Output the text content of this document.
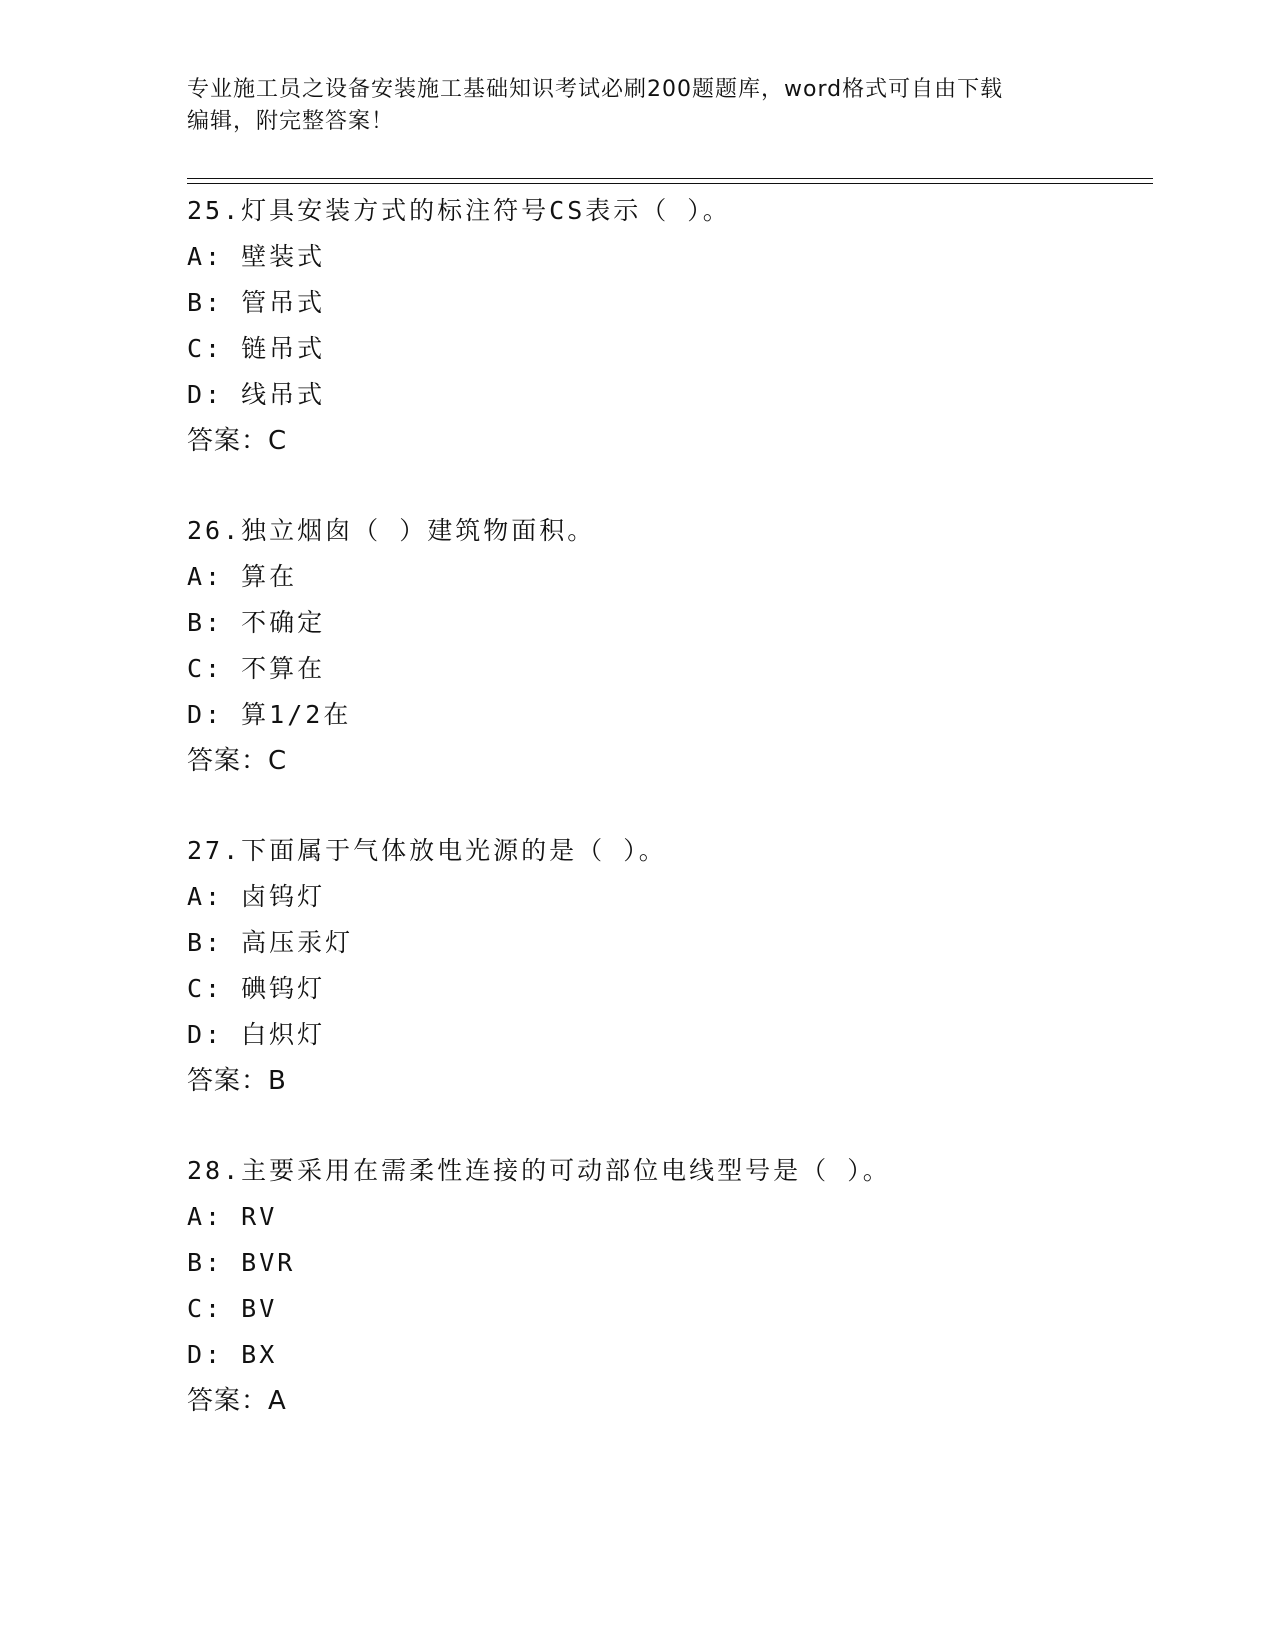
专业施工员之设备安装施工基础知识考试必刷200题题库，word格式可自由下载
编辑，附完整答案！
25.灯具安装方式的标注符号CS表示（ ）。
A: 壁装式
B: 管吊式
C: 链吊式
D: 线吊式
答案：C
26.独立烟囱（ ）建筑物面积。
A: 算在
B: 不确定
C: 不算在
D: 算1/2在
答案：C
27.下面属于气体放电光源的是（ ）。
A: 卤钨灯
B: 高压汞灯
C: 碘钨灯
D: 白炽灯
答案：B
28.主要采用在需柔性连接的可动部位电线型号是（ ）。
A: RV
B: BVR
C: BV
D: BX
答案：A
